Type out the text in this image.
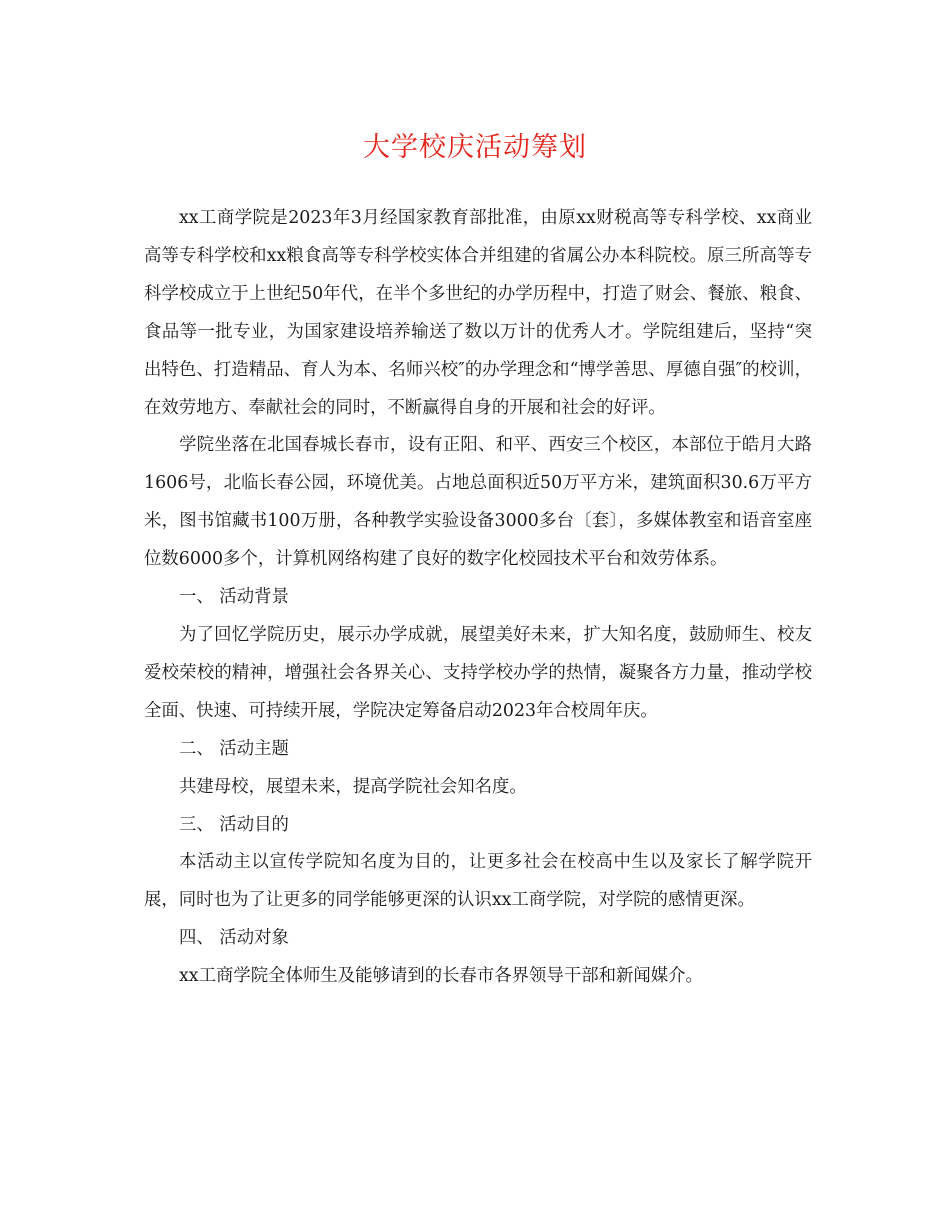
大学校庆活动筹划

xx工商学院是2023年3月经国家教育部批准，由原xx财税高等专科学校、xx商业高等专科学校和xx粮食高等专科学校实体合并组建的省属公办本科院校。原三所高等专科学校成立于上世纪50年代，在半个多世纪的办学历程中，打造了财会、餐旅、粮食、食品等一批专业，为国家建设培养输送了数以万计的优秀人才。学院组建后，坚持“突出特色、打造精品、育人为本、名师兴校″的办学理念和“博学善思、厚德自强″的校训，在效劳地方、奉献社会的同时，不断赢得自身的开展和社会的好评。

学院坐落在北国春城长春市，设有正阳、和平、西安三个校区，本部位于皓月大路1606号，北临长春公园，环境优美。占地总面积近50万平方米，建筑面积30.6万平方米，图书馆藏书100万册，各种教学实验设备3000多台〔套〕，多媒体教室和语音室座位数6000多个，计算机网络构建了良好的数字化校园技术平台和效劳体系。

一、 活动背景

为了回忆学院历史，展示办学成就，展望美好未来，扩大知名度，鼓励师生、校友爱校荣校的精神，增强社会各界关心、支持学校办学的热情，凝聚各方力量，推动学校全面、快速、可持续开展，学院决定筹备启动2023年合校周年庆。

二、 活动主题

共建母校，展望未来，提高学院社会知名度。

三、 活动目的

本活动主以宣传学院知名度为目的，让更多社会在校高中生以及家长了解学院开展，同时也为了让更多的同学能够更深的认识xx工商学院，对学院的感情更深。

四、 活动对象

xx工商学院全体师生及能够请到的长春市各界领导干部和新闻媒介。
